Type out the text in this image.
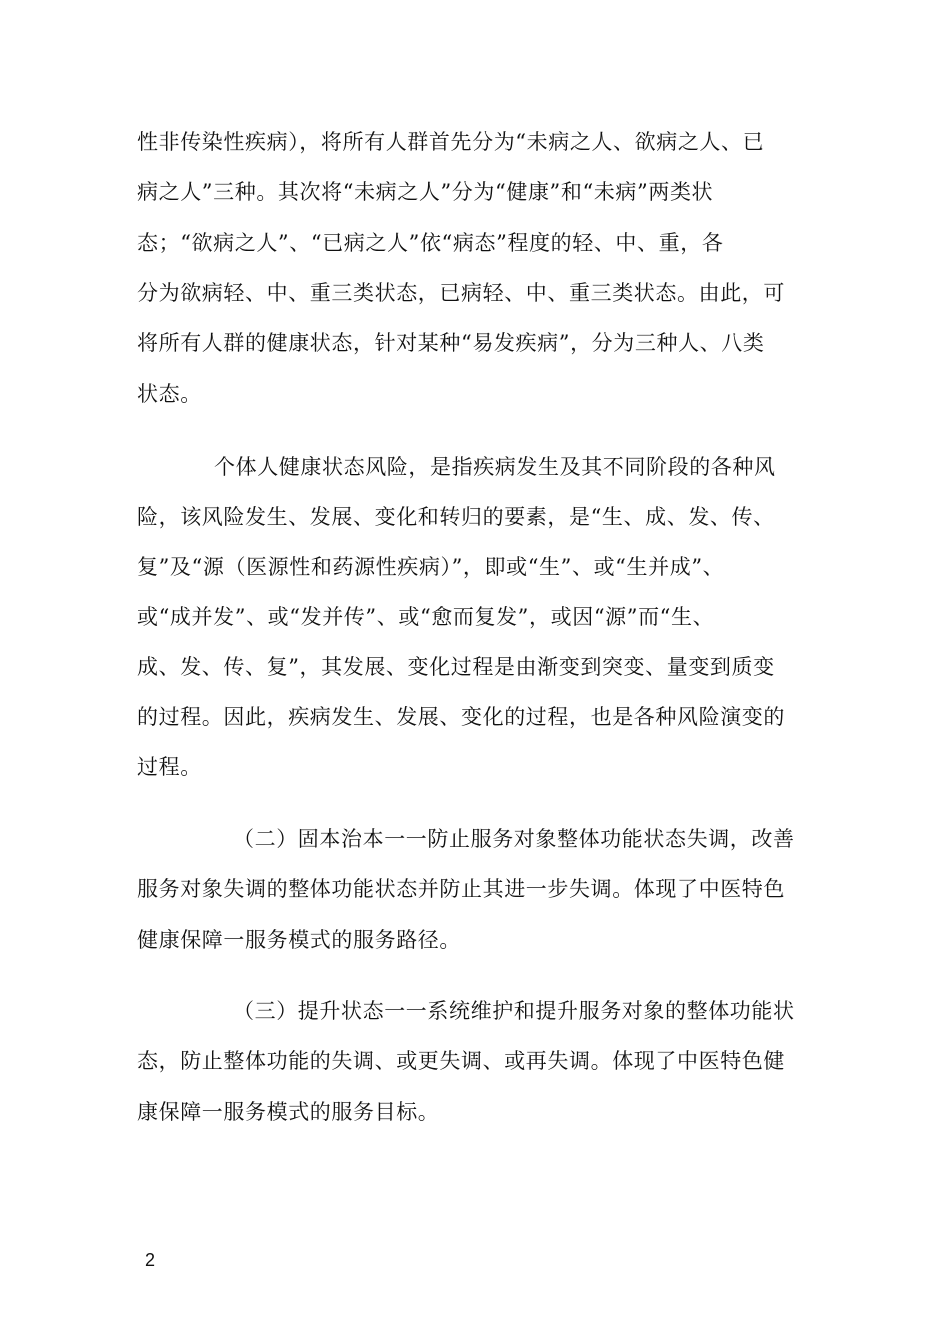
性非传染性疾病），将所有人群首先分为“未病之人、欲病之人、已
病之人”三种。其次将“未病之人”分为“健康”和“未病”两类状
态；“欲病之人”、“已病之人”依“病态”程度的轻、中、重，各
分为欲病轻、中、重三类状态，已病轻、中、重三类状态。由此，可
将所有人群的健康状态，针对某种“易发疾病”，分为三种人、八类
状态。
个体人健康状态风险，是指疾病发生及其不同阶段的各种风
险，该风险发生、发展、变化和转归的要素，是“生、成、发、传、
复”及“源（医源性和药源性疾病）”，即或“生”、或“生并成”、
或“成并发”、或“发并传”、或“愈而复发”，或因“源”而“生、
成、发、传、复”，其发展、变化过程是由渐变到突变、量变到质变
的过程。因此，疾病发生、发展、变化的过程，也是各种风险演变的
过程。
（二）固本治本一一防止服务对象整体功能状态失调，改善
服务对象失调的整体功能状态并防止其进一步失调。体现了中医特色
健康保障一服务模式的服务路径。
（三）提升状态一一系统维护和提升服务对象的整体功能状
态，防止整体功能的失调、或更失调、或再失调。体现了中医特色健
康保障一服务模式的服务目标。
2
